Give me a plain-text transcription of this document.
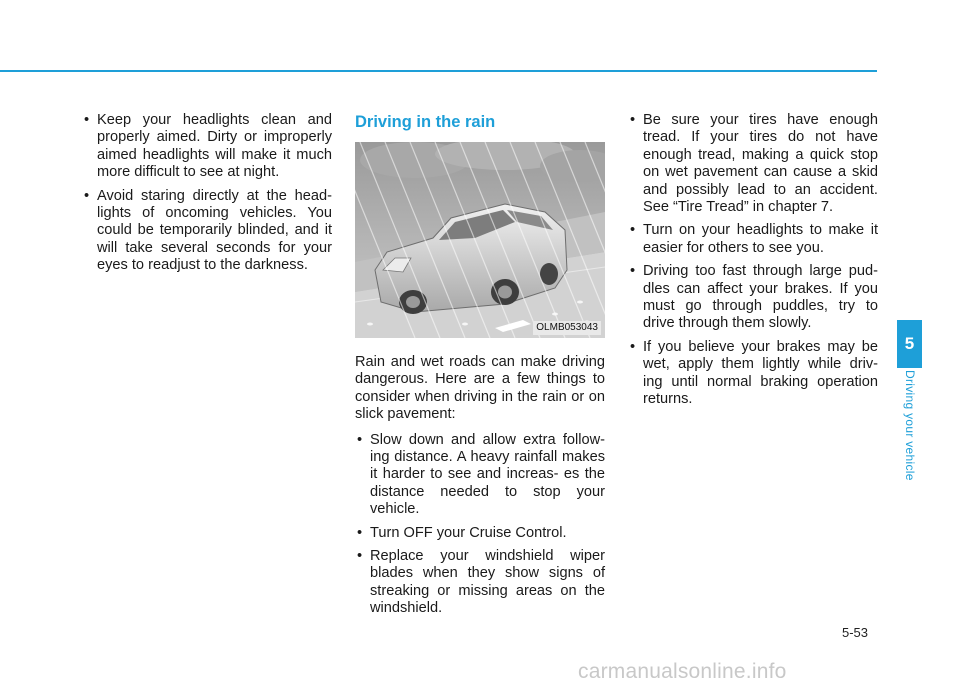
• Keep your headlights clean and properly aimed. Dirty or improperly aimed headlights will make it much more difficult to see at night.
• Avoid staring directly at the head- lights of oncoming vehicles. You could be temporarily blinded, and it will take several seconds for your eyes to readjust to the darkness.
Driving in the rain
OLMB053043

Rain and wet roads can make driving dangerous. Here are a few things to consider when driving in the rain or on slick pavement:

• Slow down and allow extra follow- ing distance. A heavy rainfall makes it harder to see and increas- es the distance needed to stop your vehicle.
• Turn OFF your Cruise Control.
• Replace your windshield wiper blades when they show signs of streaking or missing areas on the windshield.
• Be sure your tires have enough tread. If your tires do not have enough tread, making a quick stop on wet pavement can cause a skid and possibly lead to an accident. See “Tire Tread” in chapter 7.
• Turn on your headlights to make it easier for others to see you.
• Driving too fast through large pud- dles can affect your brakes. If you must go through puddles, try to drive through them slowly.
• If you believe your brakes may be wet, apply them lightly while driv- ing until normal braking operation returns.
5
Driving your vehicle
5-53
carmanualsonline.info
